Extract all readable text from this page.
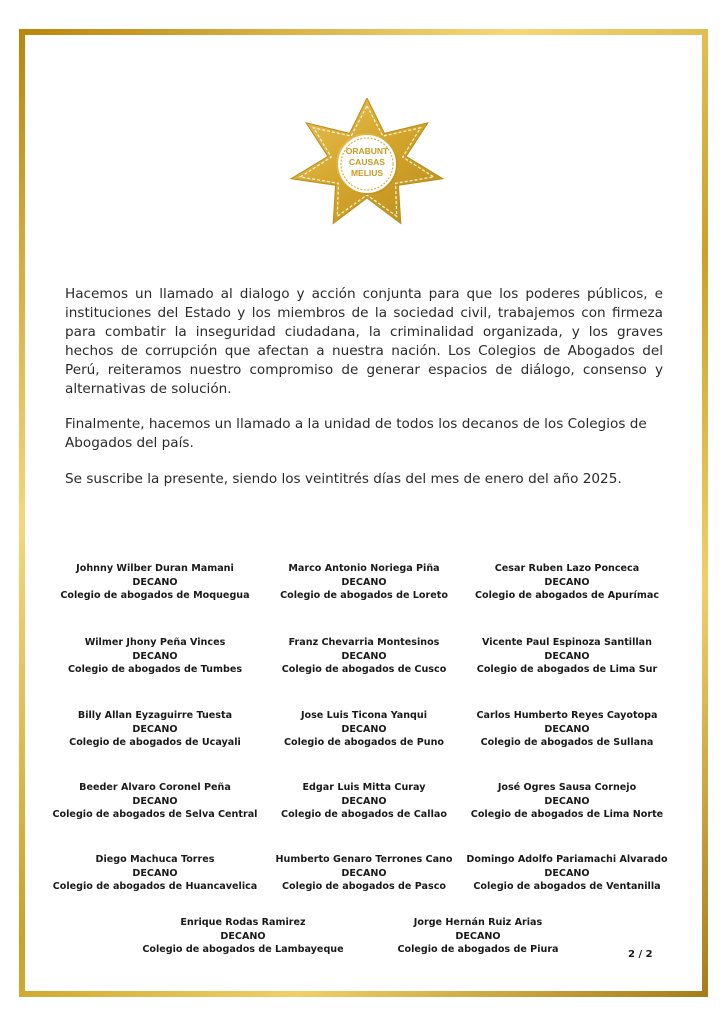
ORABUNT
CAUSAS
MELIUS

Hacemos un llamado al dialogo y acción conjunta para que los poderes públicos, e instituciones del Estado y los miembros de la sociedad civil, trabajemos con firmeza para combatir la inseguridad ciudadana, la criminalidad organizada, y los graves hechos de corrupción que afectan a nuestra nación. Los Colegios de Abogados del Perú, reiteramos nuestro compromiso de generar espacios de diálogo, consenso y alternativas de solución.

Finalmente, hacemos un llamado a la unidad de todos los decanos de los Colegios de Abogados del país.

Se suscribe la presente, siendo los veintitrés días del mes de enero del año 2025.

Johnny Wilber Duran Mamani
DECANO
Colegio de abogados de Moquegua
Marco Antonio Noriega Piña
DECANO
Colegio de abogados de Loreto
Cesar Ruben Lazo Ponceca
DECANO
Colegio de abogados de Apurímac
Wilmer Jhony Peña Vinces
DECANO
Colegio de abogados de Tumbes
Franz Chevarria Montesinos
DECANO
Colegio de abogados de Cusco
Vicente Paul Espinoza Santillan
DECANO
Colegio de abogados de Lima Sur
Billy Allan Eyzaguirre Tuesta
DECANO
Colegio de abogados de Ucayali
Jose Luis Ticona Yanqui
DECANO
Colegio de abogados de Puno
Carlos Humberto Reyes Cayotopa
DECANO
Colegio de abogados de Sullana
Beeder Alvaro Coronel Peña
DECANO
Colegio de abogados de Selva Central
Edgar Luis Mitta Curay
DECANO
Colegio de abogados de Callao
José Ogres Sausa Cornejo
DECANO
Colegio de abogados de Lima Norte
Diego Machuca Torres
DECANO
Colegio de abogados de Huancavelica
Humberto Genaro Terrones Cano
DECANO
Colegio de abogados de Pasco
Domingo Adolfo Pariamachi Alvarado
DECANO
Colegio de abogados de Ventanilla
Enrique Rodas Ramirez
DECANO
Colegio de abogados de Lambayeque
Jorge Hernán Ruiz Arias
DECANO
Colegio de abogados de Piura	2 / 2
